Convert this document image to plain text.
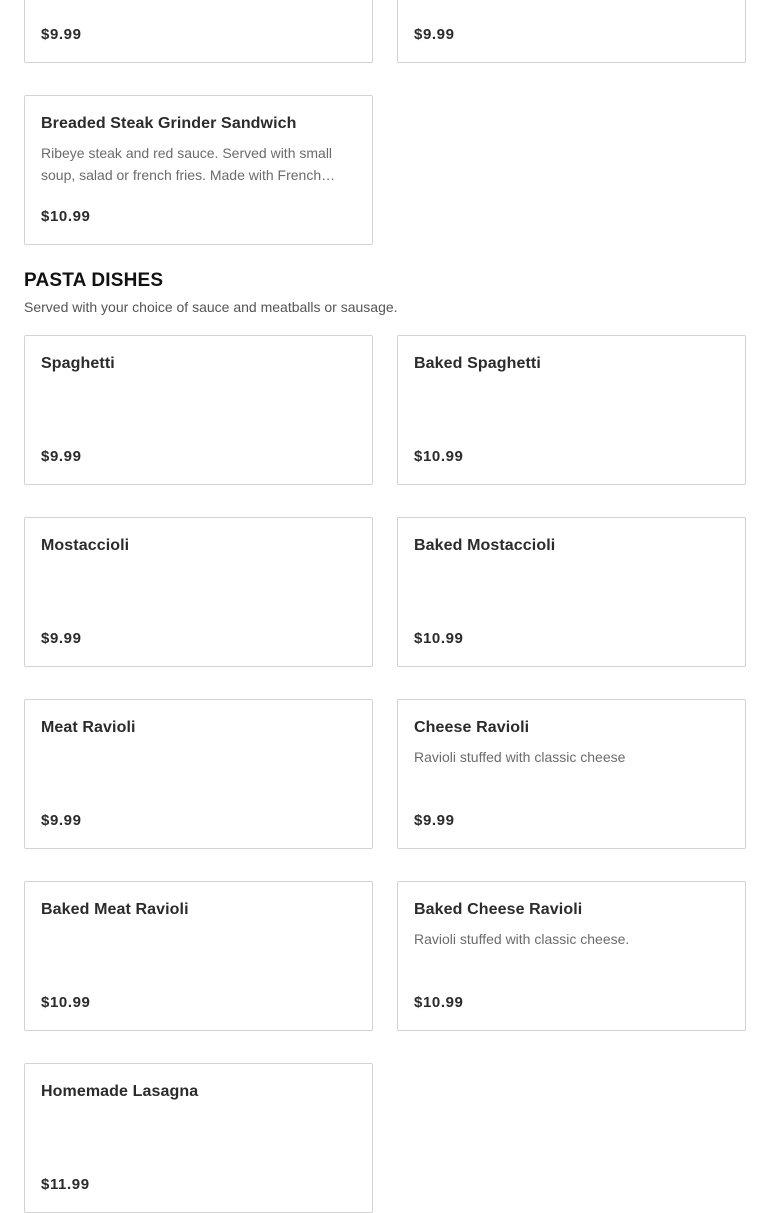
$9.99	$9.99
Breaded Steak Grinder Sandwich
Ribeye steak and red sauce. Served with small soup, salad or french fries. Made with French…
$10.99
PASTA DISHES

Served with your choice of sauce and meatballs or sausage.

Spaghetti
$9.99
Baked Spaghetti
$10.99
Mostaccioli
$9.99
Baked Mostaccioli
$10.99
Meat Ravioli
$9.99
Cheese Ravioli
Ravioli stuffed with classic cheese
$9.99
Baked Meat Ravioli
$10.99
Baked Cheese Ravioli
Ravioli stuffed with classic cheese.
$10.99
Homemade Lasagna
$11.99
